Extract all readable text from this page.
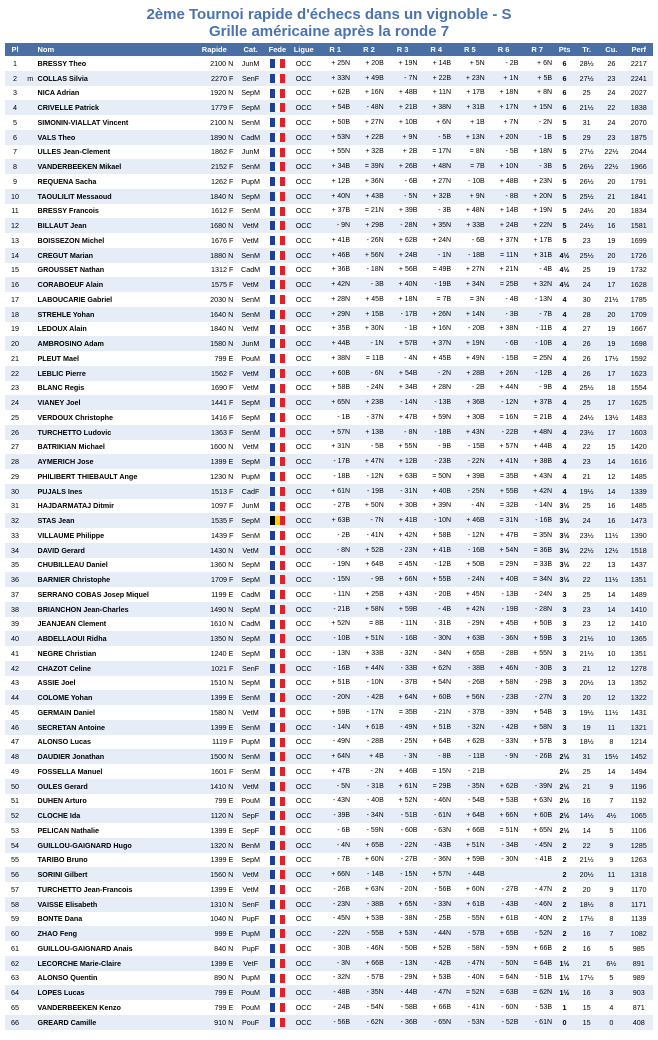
2ème Tournoi rapide d'échecs dans un vignoble - S
Grille américaine après la ronde 7
Pl		Nom	Rapide	Cat.	Fede	Ligue	R 1	R 2	R 3	R 4	R 5	R 6	R 7	Pts	Tr.	Cu.	Perf
1		BRESSY Theo	2100 N	JunM		OCC	+ 25N	+ 20B	+ 19N	+ 14B	+ 5N	- 2B	+ 6N	6	28½	26	2217
2	m	COLLAS Silvia	2270 F	SenF		OCC	+ 33N	+ 49B	- 7N	+ 22B	+ 23N	+ 1N	+ 5B	6	27½	23	2241
3		NICA Adrian	1920 N	SepM		OCC	+ 62B	+ 16N	+ 48B	+ 11N	+ 17B	+ 18N	+ 8N	6	25	24	2027
4		CRIVELLE Patrick	1779 F	SepM		OCC	+ 54B	- 48N	+ 21B	+ 38N	+ 31B	+ 17N	+ 15N	6	21½	22	1838
5		SIMONIN-VIALLAT Vincent	2100 N	SenM		OCC	+ 50B	+ 27N	+ 10B	+ 6N	+ 1B	+ 7N	- 2N	5	31	24	2070
6		VALS Theo	1890 N	CadM		OCC	+ 53N	+ 22B	+ 9N	- 5B	+ 13N	+ 20N	- 1B	5	29	23	1875
7		ULLES Jean-Clement	1862 F	JunM		OCC	+ 55N	+ 32B	+ 2B	= 17N	= 8N	- 5B	+ 18N	5	27½	22½	2044
8		VANDERBEEKEN Mikael	2152 F	SenM		OCC	+ 34B	= 39N	+ 26B	+ 48N	= 7B	+ 10N	- 3B	5	26½	22½	1966
9		REQUENA Sacha	1262 F	PupM		OCC	+ 12B	+ 36N	- 6B	+ 27N	- 10B	+ 48B	+ 23N	5	26½	20	1791
10		TAOULILIT Messaoud	1840 N	SepM		OCC	+ 40N	+ 43B	- 5N	+ 32B	+ 9N	- 8B	+ 20N	5	25½	21	1841
11		BRESSY Francois	1612 F	SenM		OCC	+ 37B	= 21N	+ 39B	- 3B	+ 48N	+ 14B	+ 19N	5	24½	20	1834
12		BILLAUT Jean	1680 N	VetM		OCC	- 9N	+ 29B	- 28N	+ 35N	+ 33B	+ 24B	+ 22N	5	24½	16	1581
13		BOISSEZON Michel	1676 F	VetM		OCC	+ 41B	- 26N	+ 62B	+ 24N	- 6B	+ 37N	+ 17B	5	23	19	1699
14		CREGUT Marian	1880 N	SenM		OCC	+ 46B	+ 56N	+ 24B	- 1N	- 18B	= 11N	+ 31B	4½	25½	20	1726
15		GROUSSET Nathan	1312 F	CadM		OCC	+ 36B	- 18N	+ 56B	= 49B	+ 27N	+ 21N	- 4B	4½	25	19	1732
16		CORABOEUF Alain	1575 F	VetM		OCC	+ 42N	- 3B	+ 40N	- 19B	+ 34N	= 25B	+ 32N	4½	24	17	1628
17		LABOUCARIE Gabriel	2030 N	SenM		OCC	+ 28N	+ 45B	+ 18N	= 7B	= 3N	- 4B	- 13N	4	30	21½	1785
18		STREHLE Yohan	1640 N	SenM		OCC	+ 29N	+ 15B	- 17B	+ 26N	+ 14N	- 3B	- 7B	4	28	20	1709
19		LEDOUX Alain	1840 N	VetM		OCC	+ 35B	+ 30N	- 1B	+ 16N	- 20B	+ 38N	- 11B	4	27	19	1667
20		AMBROSINO Adam	1580 N	JunM		OCC	+ 44B	- 1N	+ 57B	+ 37N	+ 19N	- 6B	- 10B	4	26	19	1698
21		PLEUT Mael	799 E	PouM		OCC	+ 38N	= 11B	- 4N	+ 45B	+ 49N	- 15B	= 25N	4	26	17½	1592
22		LEBLIC Pierre	1562 F	VetM		OCC	+ 60B	- 6N	+ 54B	- 2N	+ 28B	+ 26N	- 12B	4	26	17	1623
23		BLANC Regis	1690 F	VetM		OCC	+ 58B	- 24N	+ 34B	+ 28N	- 2B	+ 44N	- 9B	4	25½	18	1554
24		VIANEY Joel	1441 F	SepM		OCC	+ 65N	+ 23B	- 14N	- 13B	+ 36B	- 12N	+ 37B	4	25	17	1625
25		VERDOUX Christophe	1416 F	SepM		OCC	- 1B	- 37N	+ 47B	+ 59N	+ 30B	= 16N	= 21B	4	24½	13½	1483
26		TURCHETTO Ludovic	1363 F	SenM		OCC	+ 57N	+ 13B	- 8N	- 18B	+ 43N	- 22B	+ 48N	4	23½	17	1603
27		BATRIKIAN Michael	1600 N	VetM		OCC	+ 31N	- 5B	+ 55N	- 9B	- 15B	+ 57N	+ 44B	4	22	15	1420
28		AYMERICH Jose	1399 E	SepM		OCC	- 17B	+ 47N	+ 12B	- 23B	- 22N	+ 41N	+ 38B	4	23	14	1616
29		PHILIBERT THIEBAULT Ange	1230 N	PupM		OCC	- 18B	- 12N	+ 63B	= 50N	+ 39B	= 35B	+ 43N	4	21	12	1485
30		PUJALS Ines	1513 F	CadF		OCC	+ 61N	- 19B	- 31N	+ 40B	- 25N	+ 55B	+ 42N	4	19½	14	1339
31		HAJDARMATAJ Ditmir	1097 F	JunM		OCC	- 27B	+ 50N	+ 30B	+ 39N	- 4N	= 32B	- 14N	3½	25	16	1485
32		STAS Jean	1535 F	SepM		OCC	+ 63B	- 7N	+ 41B	- 10N	+ 46B	= 31N	- 16B	3½	24	16	1473
33		VILLAUME Philippe	1439 F	SenM		OCC	- 2B	- 41N	+ 42N	+ 58B	- 12N	+ 47B	= 35N	3½	23½	11½	1390
34		DAVID Gerard	1430 N	VetM		OCC	- 8N	+ 52B	- 23N	+ 41B	- 16B	+ 54N	= 36B	3½	22½	12½	1518
35		CHUBILLEAU Daniel	1360 N	SepM		OCC	- 19N	+ 64B	= 45N	- 12B	+ 50B	= 29N	= 33B	3½	22	13	1437
36		BARNIER Christophe	1709 F	SepM		OCC	- 15N	- 9B	+ 66N	+ 55B	- 24N	+ 40B	= 34N	3½	22	11½	1351
37		SERRANO COBAS Josep Miquel	1199 E	CadM		OCC	- 11N	+ 25B	+ 43N	- 20B	+ 45N	- 13B	- 24N	3	25	14	1489
38		BRIANCHON Jean-Charles	1490 N	SepM		OCC	- 21B	+ 58N	+ 59B	- 4B	+ 42N	- 19B	- 28N	3	23	14	1410
39		JEANJEAN Clement	1610 N	CadM		OCC	+ 52N	= 8B	- 11N	- 31B	- 29N	+ 45B	+ 50B	3	23	12	1410
40		ABDELLAOUI Ridha	1350 N	SepM		OCC	- 10B	+ 51N	- 16B	- 30N	+ 63B	- 36N	+ 59B	3	21½	10	1365
41		NEGRE Christian	1240 E	SepM		OCC	- 13N	+ 33B	- 32N	- 34N	+ 65B	- 28B	+ 55N	3	21½	10	1351
42		CHAZOT Celine	1021 F	SenF		OCC	- 16B	+ 44N	- 33B	+ 62N	- 38B	+ 46N	- 30B	3	21	12	1278
43		ASSIE Joel	1510 N	SepM		OCC	+ 51B	- 10N	- 37B	+ 54N	- 26B	+ 58N	- 29B	3	20½	13	1352
44		COLOME Yohan	1399 E	SenM		OCC	- 20N	- 42B	+ 64N	+ 60B	+ 56N	- 23B	- 27N	3	20	12	1322
45		GERMAIN Daniel	1580 N	VetM		OCC	+ 59B	- 17N	= 35B	- 21N	- 37B	- 39N	+ 54B	3	19½	11½	1431
46		SECRETAN Antoine	1399 E	SenM		OCC	- 14N	+ 61B	- 49N	+ 51B	- 32N	- 42B	+ 58N	3	19	11	1321
47		ALONSO Lucas	1119 F	PupM		OCC	- 49N	- 28B	- 25N	+ 64B	+ 62B	- 33N	+ 57B	3	18½	8	1214
48		DAUDIER Jonathan	1500 N	SenM		OCC	+ 64N	+ 4B	- 3N	- 8B	- 11B	- 9N	- 26B	2½	31	15½	1452
49		FOSSELLA Manuel	1601 F	SenM		OCC	+ 47B	- 2N	+ 46B	= 15N	- 21B			2½	25	14	1494
50		OULES Gerard	1410 N	VetM		OCC	- 5N	- 31B	+ 61N	= 29B	- 35N	+ 62B	- 39N	2½	21	9	1196
51		DUHEN Arturo	799 E	PouM		OCC	- 43N	- 40B	+ 52N	- 46N	- 54B	+ 53B	+ 63N	2½	16	7	1192
52		CLOCHE Ida	1120 N	SepF		OCC	- 39B	- 34N	- 51B	- 61N	+ 64B	+ 66N	+ 60B	2½	14½	4½	1065
53		PELICAN Nathalie	1399 E	SepF		OCC	- 6B	- 59N	- 60B	- 63N	+ 66B	= 51N	+ 65N	2½	14	5	1106
54		GUILLOU-GAIGNARD Hugo	1320 N	BenM		OCC	- 4N	+ 65B	- 22N	- 43B	+ 51N	- 34B	- 45N	2	22	9	1285
55		TARIBO Bruno	1399 E	SepM		OCC	- 7B	+ 60N	- 27B	- 36N	+ 59B	- 30N	- 41B	2	21½	9	1263
56		SORINI Gilbert	1560 N	VetM		OCC	+ 66N	- 14B	- 15N	+ 57N	- 44B			2	20½	11	1318
57		TURCHETTO Jean-Francois	1399 E	VetM		OCC	- 26B	+ 63N	- 20N	- 56B	+ 60N	- 27B	- 47N	2	20	9	1170
58		VAISSE Elisabeth	1310 N	SenF		OCC	- 23N	- 38B	+ 65N	- 33N	+ 61B	- 43B	- 46N	2	18½	8	1171
59		BONTE Dana	1040 N	PupF		OCC	- 45N	+ 53B	- 38N	- 25B	- 55N	+ 61B	- 40N	2	17½	8	1139
60		ZHAO Feng	999 E	PupM		OCC	- 22N	- 55B	+ 53N	- 44N	- 57B	+ 65B	- 52N	2	16	7	1082
61		GUILLOU-GAIGNARD Anais	840 N	PupF		OCC	- 30B	- 46N	- 50B	+ 52B	- 58N	- 59N	+ 66B	2	16	5	985
62		LECORCHE Marie-Claire	1399 E	VetF		OCC	- 3N	+ 66B	- 13N	- 42B	- 47N	- 50N	= 64B	1½	21	6½	891
63		ALONSO Quentin	890 N	PupM		OCC	- 32N	- 57B	- 29N	+ 53B	- 40N	= 64N	- 51B	1½	17½	5	989
64		LOPES Lucas	799 E	PouM		OCC	- 48B	- 35N	- 44B	- 47N	= 52N	= 63B	= 62N	1½	16	3	903
65		VANDERBEEKEN Kenzo	799 E	PouM		OCC	- 24B	- 54N	- 58B	+ 66B	- 41N	- 60N	- 53B	1	15	4	871
66		GREARD Camille	910 N	PouF		OCC	- 56B	- 62N	- 36B	- 65N	- 53N	- 52B	- 61N	0	15	0	408
